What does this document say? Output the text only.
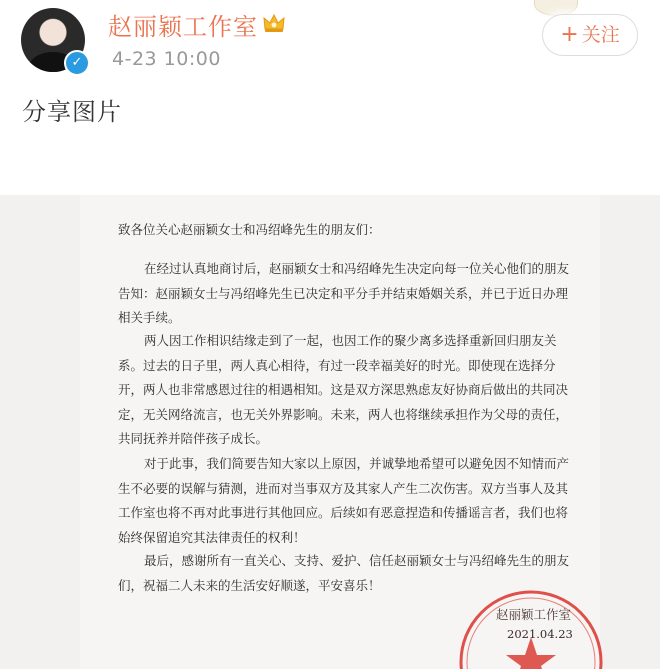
✓
赵丽颖工作室
4-23 10:00
+ 关注
分享图片
致各位关心赵丽颖女士和冯绍峰先生的朋友们：
在经过认真地商讨后，赵丽颖女士和冯绍峰先生决定向每一位关心他们的朋友告知：赵丽颖女士与冯绍峰先生已决定和平分手并结束婚姻关系，并已于近日办理相关手续。
两人因工作相识结缘走到了一起，也因工作的聚少离多选择重新回归朋友关系。过去的日子里，两人真心相待，有过一段幸福美好的时光。即使现在选择分开，两人也非常感恩过往的相遇相知。这是双方深思熟虑友好协商后做出的共同决定，无关网络流言，也无关外界影响。未来，两人也将继续承担作为父母的责任，共同抚养并陪伴孩子成长。
对于此事，我们简要告知大家以上原因，并诚挚地希望可以避免因不知情而产生不必要的误解与猜测，进而对当事双方及其家人产生二次伤害。双方当事人及其工作室也将不再对此事进行其他回应。后续如有恶意捏造和传播谣言者，我们也将始终保留追究其法律责任的权利！
最后，感谢所有一直关心、支持、爱护、信任赵丽颖女士与冯绍峰先生的朋友们，祝福二人未来的生活安好顺遂，平安喜乐！
赵丽颖工作室
2021.04.23
